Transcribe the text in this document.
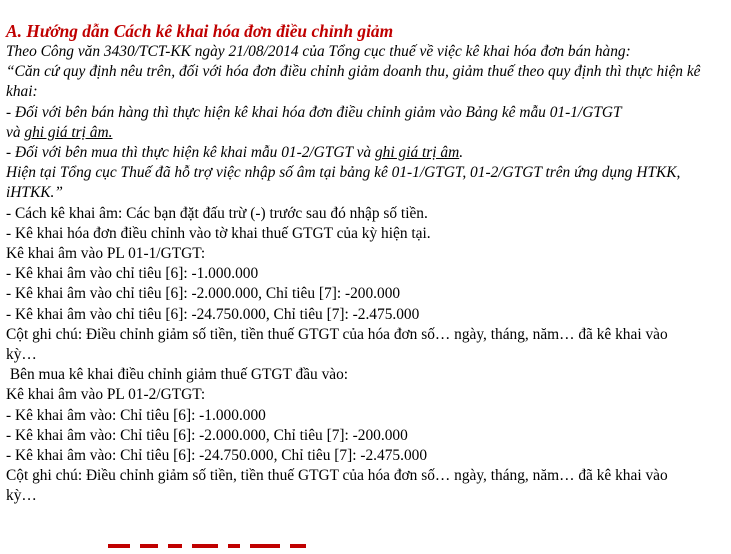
A. Hướng dẫn Cách kê khai hóa đơn điều chỉnh giảm
Theo Công văn 3430/TCT-KK ngày 21/08/2014 của Tổng cục thuế về việc kê khai hóa đơn bán hàng:
“Căn cứ quy định nêu trên, đối với hóa đơn điều chỉnh giảm doanh thu, giảm thuế theo quy định thì thực hiện kê khai:
- Đối với bên bán hàng thì thực hiện kê khai hóa đơn điều chỉnh giảm vào Bảng kê mẫu 01-1/GTGT
và ghi giá trị âm.
- Đối với bên mua thì thực hiện kê khai mẫu 01-2/GTGT và ghi giá trị âm.
Hiện tại Tổng cục Thuế đã hỗ trợ việc nhập số âm tại bảng kê 01-1/GTGT, 01-2/GTGT trên ứng dụng HTKK, iHTKK.”
- Cách kê khai âm: Các bạn đặt đấu trừ (-) trước sau đó nhập số tiền.
- Kê khai hóa đơn điều chỉnh vào tờ khai thuế GTGT của kỳ hiện tại.
Kê khai âm vào PL 01-1/GTGT:
- Kê khai âm vào chỉ tiêu [6]: -1.000.000
- Kê khai âm vào chỉ tiêu [6]: -2.000.000, Chỉ tiêu [7]: -200.000
- Kê khai âm vào chỉ tiêu [6]: -24.750.000, Chỉ tiêu [7]: -2.475.000
Cột ghi chú: Điều chỉnh giảm số tiền, tiền thuế GTGT của hóa đơn số… ngày, tháng, năm… đã kê khai vào kỳ…
Bên mua kê khai điều chỉnh giảm thuế GTGT đầu vào:
Kê khai âm vào PL 01-2/GTGT:
- Kê khai âm vào: Chỉ tiêu [6]: -1.000.000
- Kê khai âm vào: Chỉ tiêu [6]: -2.000.000, Chỉ tiêu [7]: -200.000
- Kê khai âm vào: Chỉ tiêu [6]: -24.750.000, Chỉ tiêu [7]: -2.475.000
Cột ghi chú: Điều chỉnh giảm số tiền, tiền thuế GTGT của hóa đơn số… ngày, tháng, năm… đã kê khai vào kỳ…
